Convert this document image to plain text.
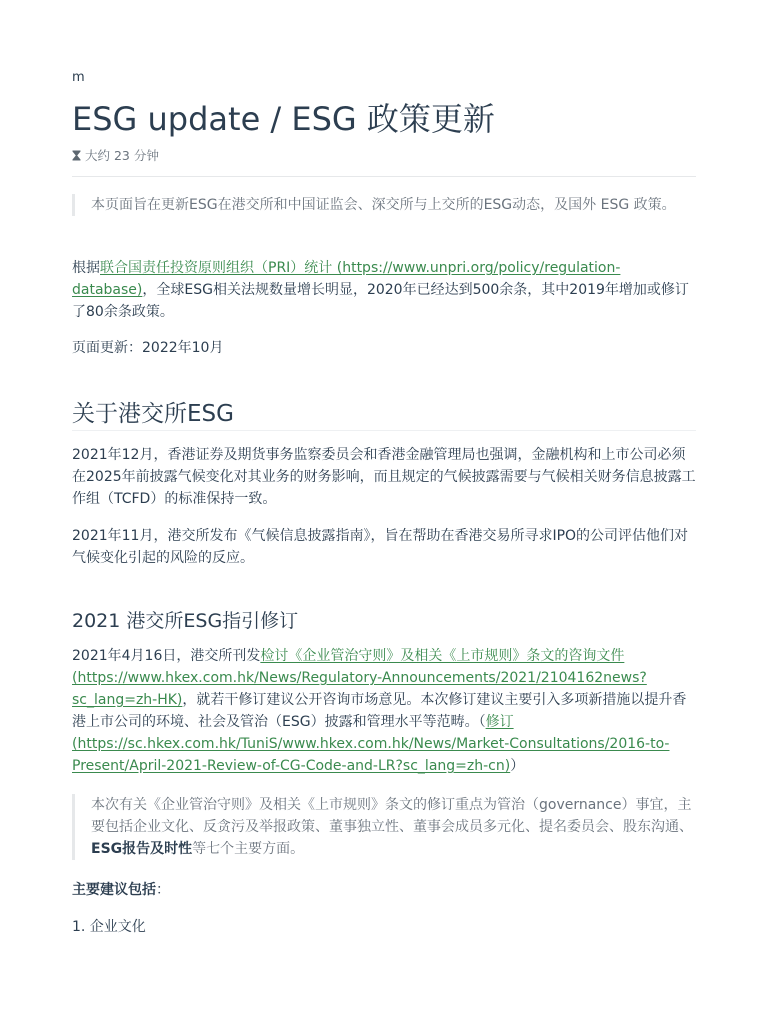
m
ESG update / ESG 政策更新
大约 23 分钟
本页面旨在更新ESG在港交所和中国证监会、深交所与上交所的ESG动态，及国外 ESG 政策。

根据联合国责任投资原则组织（PRI）统计 (https://www.unpri.org/policy/regulation-database)，全球ESG相关法规数量增长明显，2020年已经达到500余条，其中2019年增加或修订了80余条政策。

页面更新：2022年10月

关于港交所ESG

2021年12月，香港证券及期货事务监察委员会和香港金融管理局也强调，金融机构和上市公司必须在2025年前披露气候变化对其业务的财务影响，而且规定的气候披露需要与气候相关财务信息披露工作组（TCFD）的标准保持一致。

2021年11月，港交所发布《气候信息披露指南》，旨在帮助在香港交易所寻求IPO的公司评估他们对气候变化引起的风险的反应。

2021 港交所ESG指引修订

2021年4月16日，港交所刊发检讨《企业管治守则》及相关《上市规则》条文的咨询文件 (https://www.hkex.com.hk/News/Regulatory-Announcements/2021/2104162news?sc_lang=zh-HK)，就若干修订建议公开咨询市场意见。本次修订建议主要引入多项新措施以提升香港上市公司的环境、社会及管治（ESG）披露和管理水平等范畴。（修订 (https://sc.hkex.com.hk/TuniS/www.hkex.com.hk/News/Market-Consultations/2016-to-Present/April-2021-Review-of-CG-Code-and-LR?sc_lang=zh-cn)）

本次有关《企业管治守则》及相关《上市规则》条文的修订重点为管治（governance）事宜，主要包括企业文化、反贪污及举报政策、董事独立性、董事会成员多元化、提名委员会、股东沟通、ESG报告及时性等七个主要方面。

主要建议包括：

1. 企业文化
